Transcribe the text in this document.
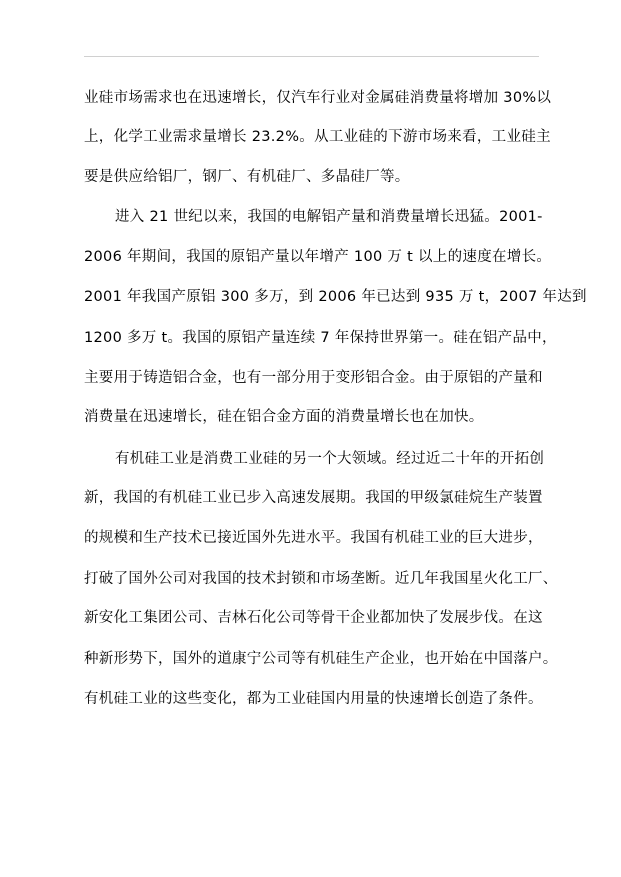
业硅市场需求也在迅速增长，仅汽车行业对金属硅消费量将增加 30%以
上，化学工业需求量增长 23.2%。从工业硅的下游市场来看，工业硅主
要是供应给铝厂，钢厂、有机硅厂、多晶硅厂等。
进入 21 世纪以来，我国的电解铝产量和消费量增长迅猛。2001-
2006 年期间，我国的原铝产量以年增产 100 万 t 以上的速度在增长。
2001 年我国产原铝 300 多万，到 2006 年已达到 935 万 t，2007 年达到
1200 多万 t。我国的原铝产量连续 7 年保持世界第一。硅在铝产品中，
主要用于铸造铝合金，也有一部分用于变形铝合金。由于原铝的产量和
消费量在迅速增长，硅在铝合金方面的消费量增长也在加快。
有机硅工业是消费工业硅的另一个大领域。经过近二十年的开拓创
新，我国的有机硅工业已步入高速发展期。我国的甲级氯硅烷生产装置
的规模和生产技术已接近国外先进水平。我国有机硅工业的巨大进步，
打破了国外公司对我国的技术封锁和市场垄断。近几年我国星火化工厂、
新安化工集团公司、吉林石化公司等骨干企业都加快了发展步伐。在这
种新形势下，国外的道康宁公司等有机硅生产企业，也开始在中国落户。
有机硅工业的这些变化，都为工业硅国内用量的快速增长创造了条件。
